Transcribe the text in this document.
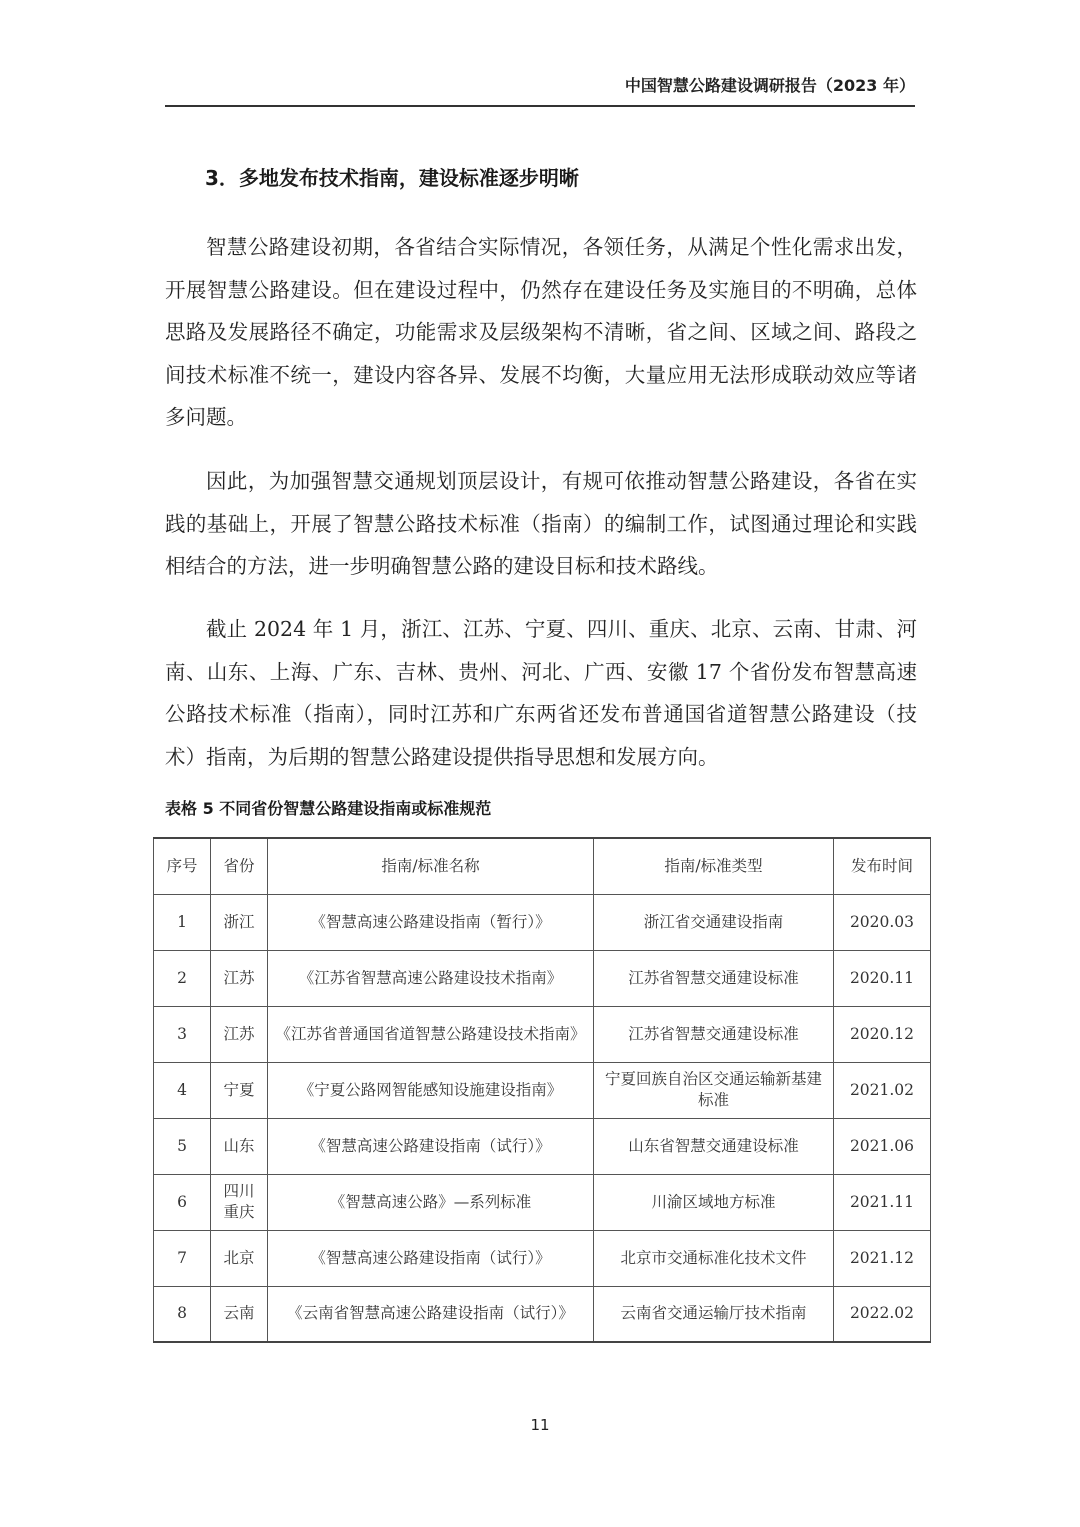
中国智慧公路建设调研报告（2023 年）
3．多地发布技术指南，建设标准逐步明晰

智慧公路建设初期，各省结合实际情况，各领任务，从满足个性化需求出发，开展智慧公路建设。但在建设过程中，仍然存在建设任务及实施目的不明确，总体思路及发展路径不确定，功能需求及层级架构不清晰，省之间、区域之间、路段之间技术标准不统一，建设内容各异、发展不均衡，大量应用无法形成联动效应等诸多问题。

因此，为加强智慧交通规划顶层设计，有规可依推动智慧公路建设，各省在实践的基础上，开展了智慧公路技术标准（指南）的编制工作，试图通过理论和实践相结合的方法，进一步明确智慧公路的建设目标和技术路线。

截止 2024 年 1 月，浙江、江苏、宁夏、四川、重庆、北京、云南、甘肃、河南、山东、上海、广东、吉林、贵州、河北、广西、安徽 17 个省份发布智慧高速公路技术标准（指南），同时江苏和广东两省还发布普通国省道智慧公路建设（技术）指南，为后期的智慧公路建设提供指导思想和发展方向。

表格 5 不同省份智慧公路建设指南或标准规范
序号	省份	指南/标准名称	指南/标准类型	发布时间
1	浙江	《智慧高速公路建设指南（暂行）》	浙江省交通建设指南	2020.03
2	江苏	《江苏省智慧高速公路建设技术指南》	江苏省智慧交通建设标准	2020.11
3	江苏	《江苏省普通国省道智慧公路建设技术指南》	江苏省智慧交通建设标准	2020.12
4	宁夏	《宁夏公路网智能感知设施建设指南》	宁夏回族自治区交通运输新基建标准	2021.02
5	山东	《智慧高速公路建设指南（试行）》	山东省智慧交通建设标准	2021.06
6	四川重庆	《智慧高速公路》—系列标准	川渝区域地方标准	2021.11
7	北京	《智慧高速公路建设指南（试行）》	北京市交通标准化技术文件	2021.12
8	云南	《云南省智慧高速公路建设指南（试行）》	云南省交通运输厅技术指南	2022.02
11
